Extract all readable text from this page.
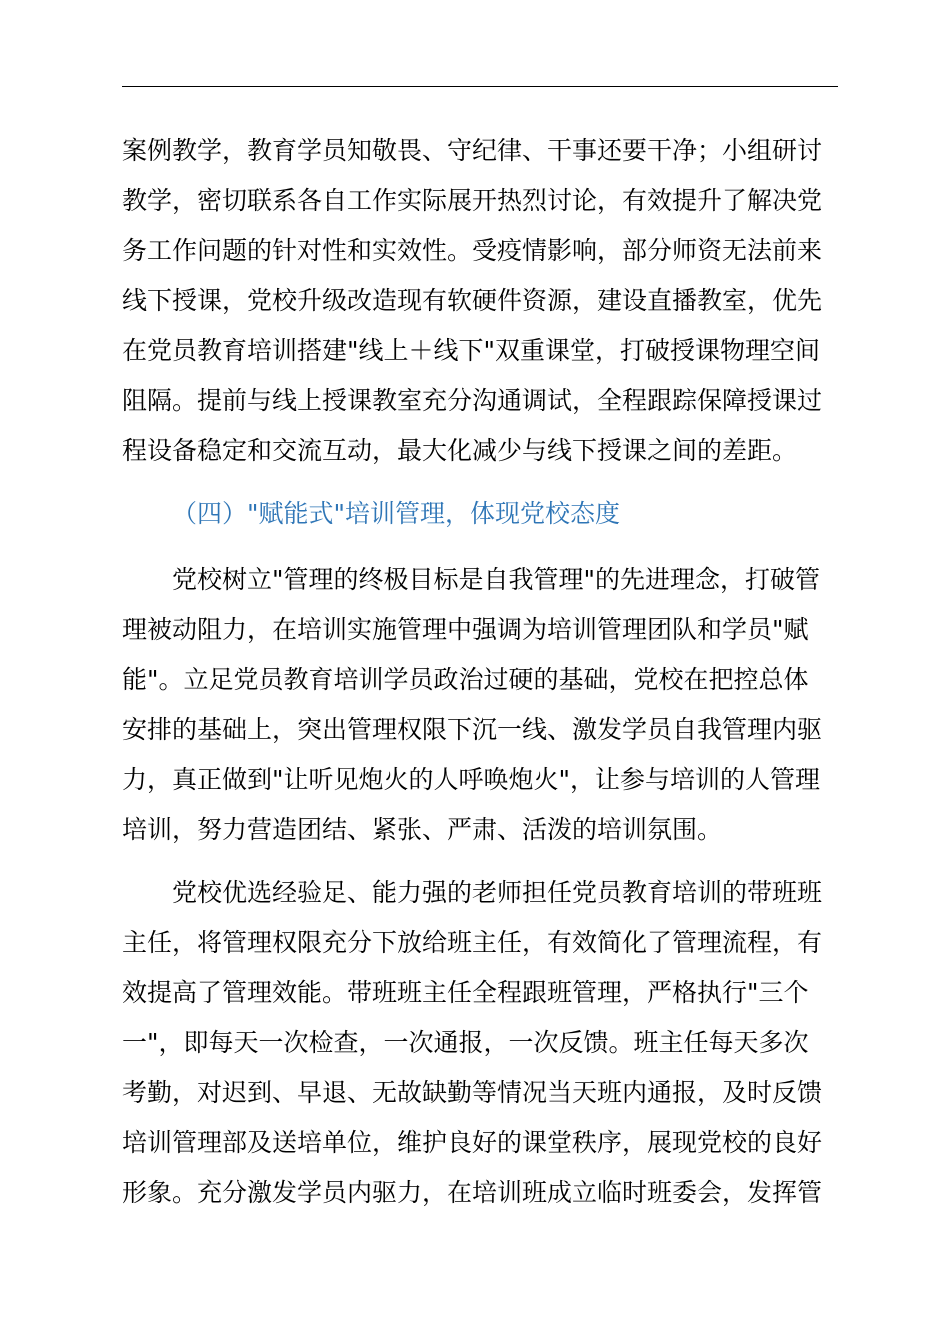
案例教学，教育学员知敬畏、守纪律、干事还要干净；小组研讨
教学，密切联系各自工作实际展开热烈讨论，有效提升了解决党
务工作问题的针对性和实效性。受疫情影响，部分师资无法前来
线下授课，党校升级改造现有软硬件资源，建设直播教室，优先
在党员教育培训搭建"线上＋线下"双重课堂，打破授课物理空间
阻隔。提前与线上授课教室充分沟通调试，全程跟踪保障授课过
程设备稳定和交流互动，最大化减少与线下授课之间的差距。
（四）"赋能式"培训管理，体现党校态度
党校树立"管理的终极目标是自我管理"的先进理念，打破管
理被动阻力，在培训实施管理中强调为培训管理团队和学员"赋
能"。立足党员教育培训学员政治过硬的基础，党校在把控总体
安排的基础上，突出管理权限下沉一线、激发学员自我管理内驱
力，真正做到"让听见炮火的人呼唤炮火"，让参与培训的人管理
培训，努力营造团结、紧张、严肃、活泼的培训氛围。
党校优选经验足、能力强的老师担任党员教育培训的带班班
主任，将管理权限充分下放给班主任，有效简化了管理流程，有
效提高了管理效能。带班班主任全程跟班管理，严格执行"三个
一"，即每天一次检查，一次通报，一次反馈。班主任每天多次
考勤，对迟到、早退、无故缺勤等情况当天班内通报，及时反馈
培训管理部及送培单位，维护良好的课堂秩序，展现党校的良好
形象。充分激发学员内驱力，在培训班成立临时班委会，发挥管
